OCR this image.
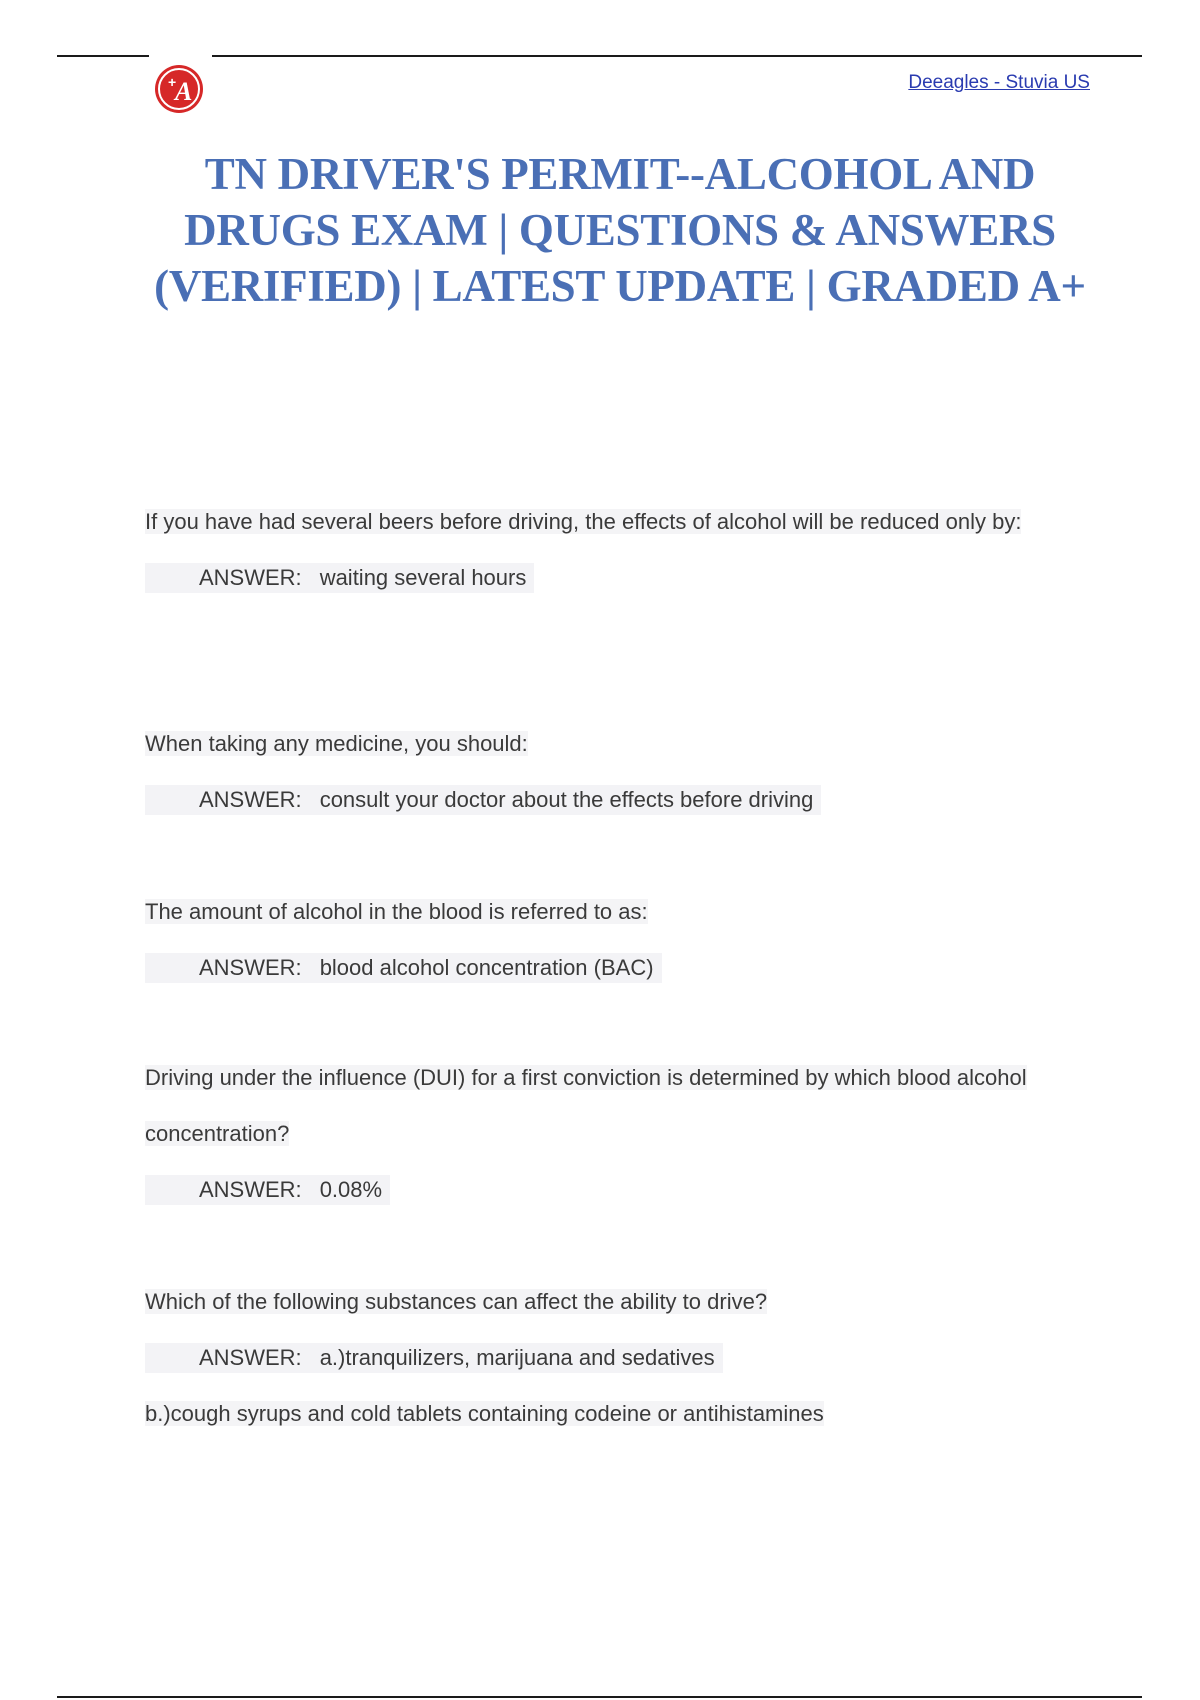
+
A	Deeagles - Stuvia US
TN DRIVER'S PERMIT--ALCOHOL AND DRUGS EXAM | QUESTIONS & ANSWERS (VERIFIED) | LATEST UPDATE | GRADED A+

If you have had several beers before driving, the effects of alcohol will be reduced only by:

ANSWER: waiting several hours

When taking any medicine, you should:

ANSWER: consult your doctor about the effects before driving

The amount of alcohol in the blood is referred to as:

ANSWER: blood alcohol concentration (BAC)

Driving under the influence (DUI) for a first conviction is determined by which blood alcohol concentration?

ANSWER: 0.08%

Which of the following substances can affect the ability to drive?

ANSWER: a.)tranquilizers, marijuana and sedatives

b.)cough syrups and cold tablets containing codeine or antihistamines
